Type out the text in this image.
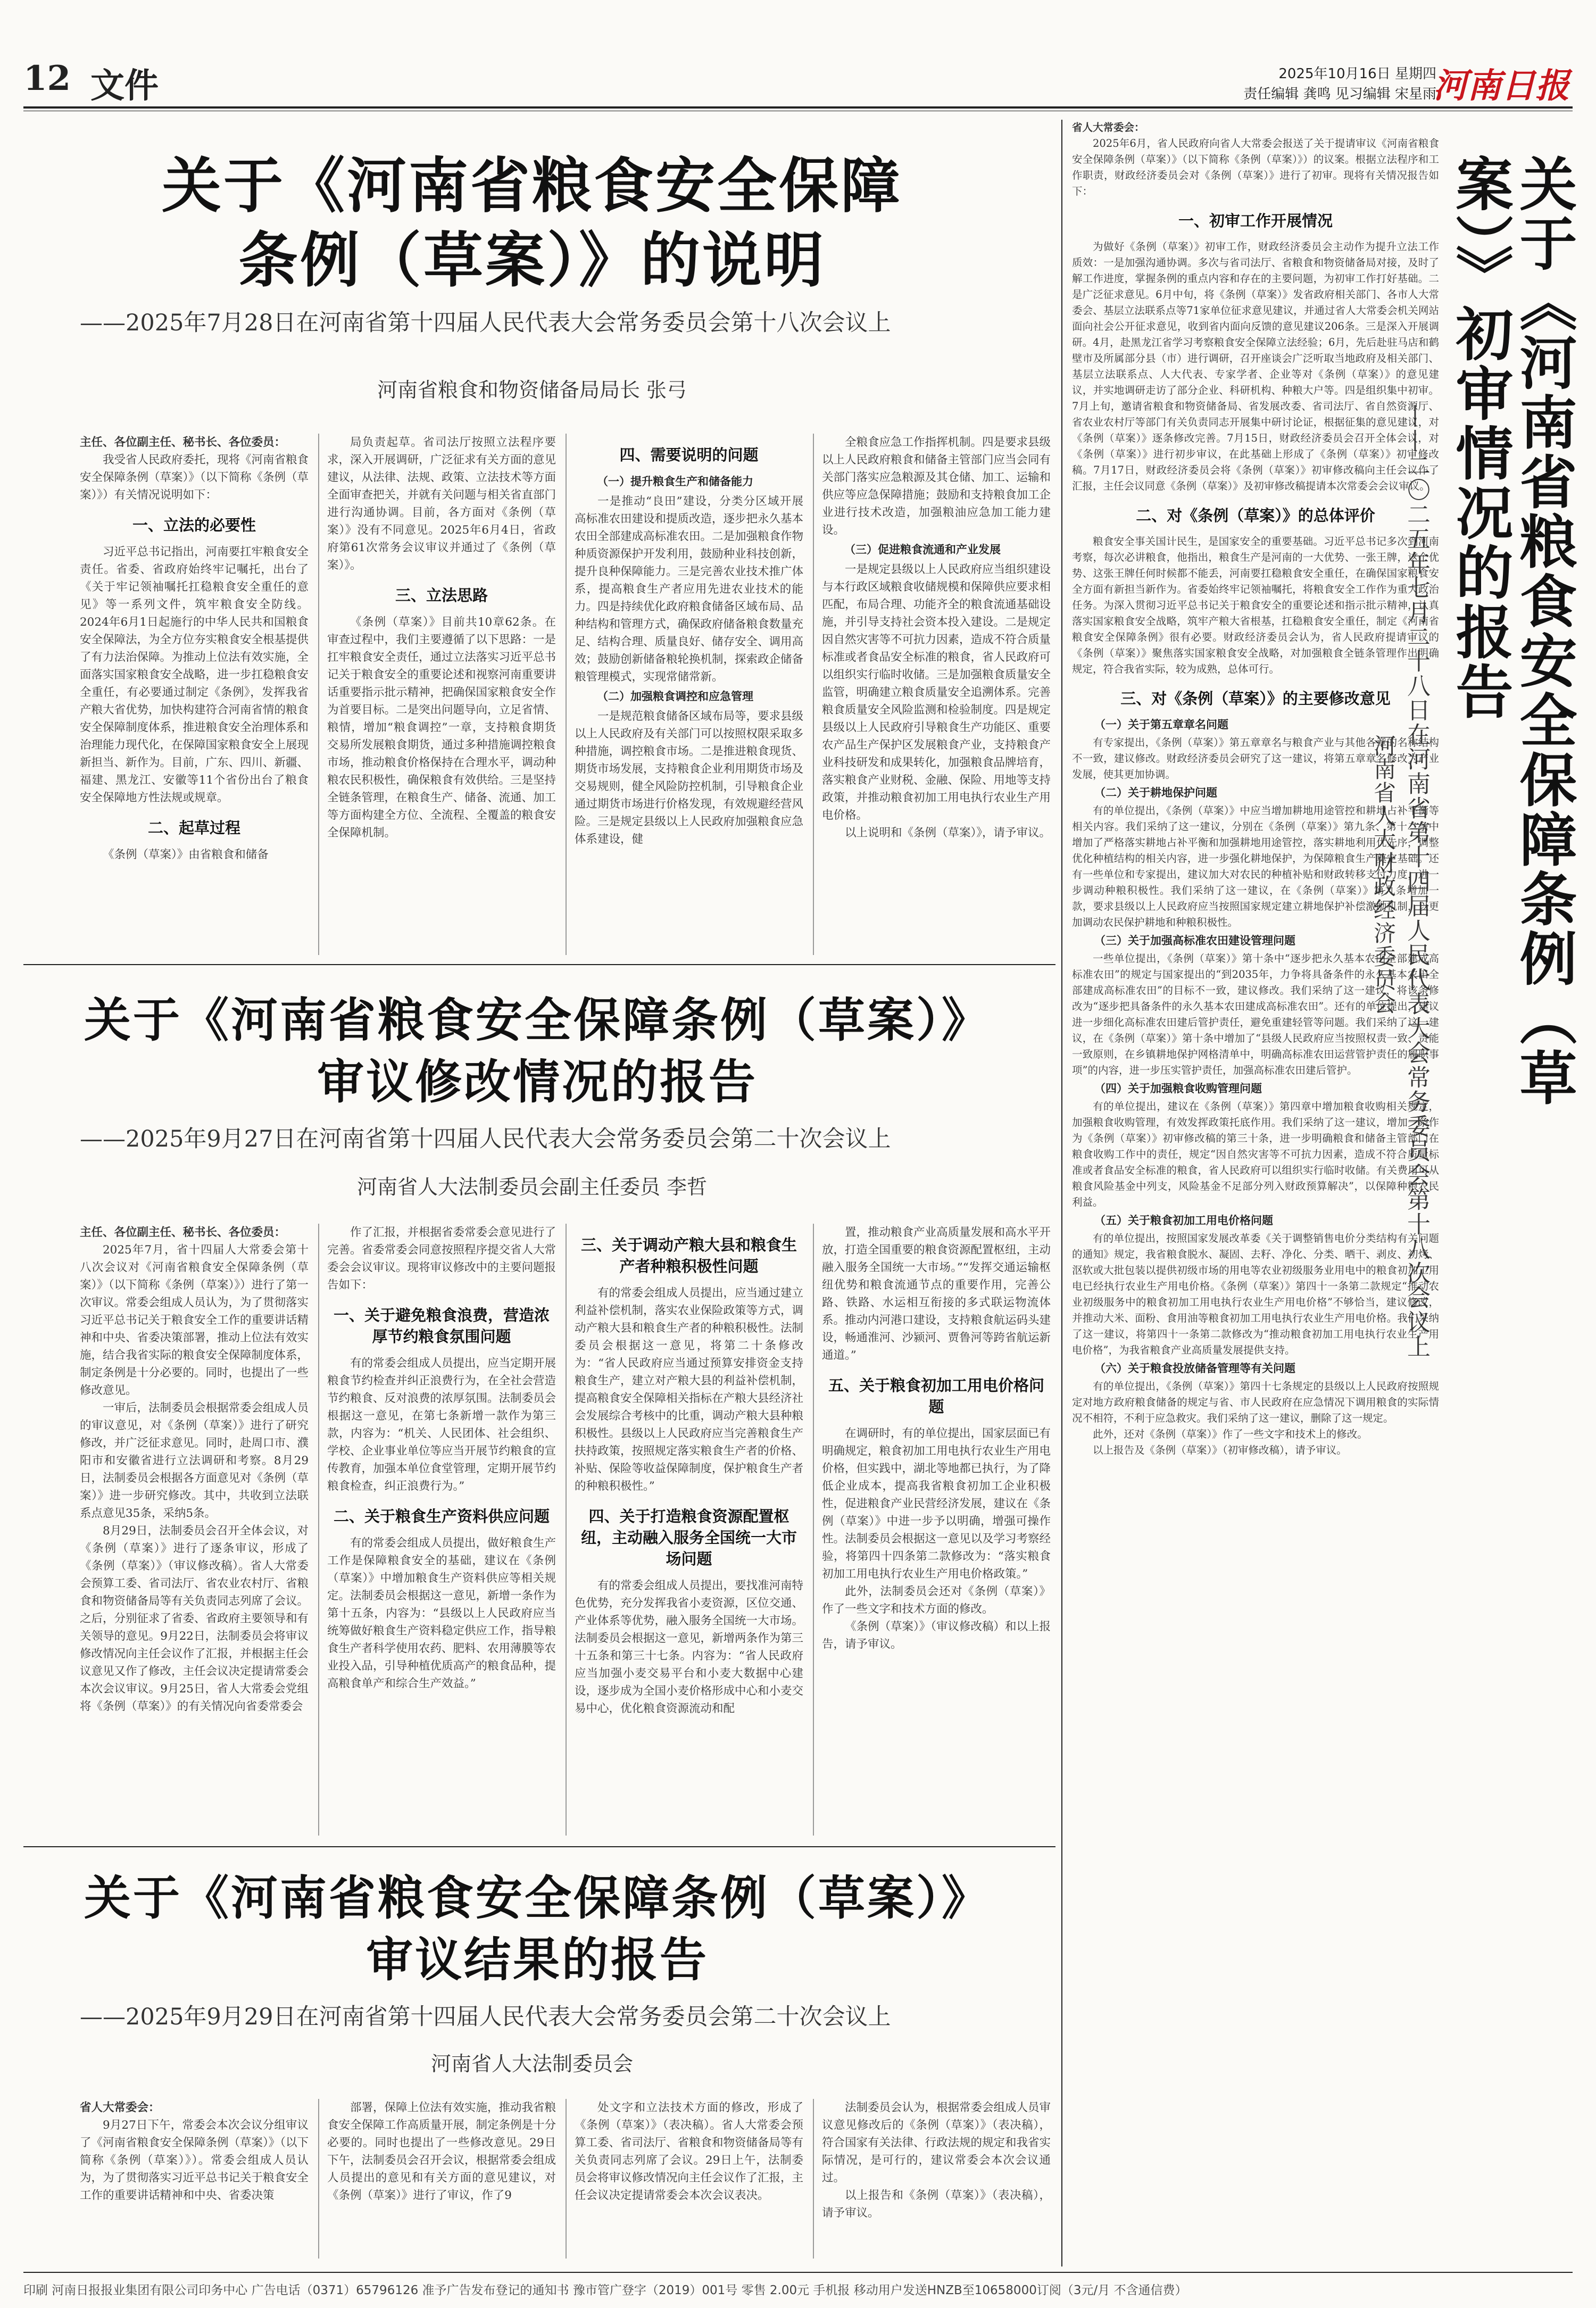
12 文件	2025年10月16日 星期四
责任编辑 龚鸣 见习编辑 宋星雨
河南日报
关于《河南省粮食安全保障
条例（草案）》的说明
——2025年7月28日在河南省第十四届人民代表大会常务委员会第十八次会议上
河南省粮食和物资储备局局长 张弓

主任、各位副主任、秘书长、各位委员：

我受省人民政府委托，现将《河南省粮食安全保障条例（草案）》（以下简称《条例（草案）》）有关情况说明如下：

一、立法的必要性

习近平总书记指出，河南要扛牢粮食安全责任。省委、省政府始终牢记嘱托，出台了《关于牢记领袖嘱托扛稳粮食安全重任的意见》等一系列文件，筑牢粮食安全防线。2024年6月1日起施行的中华人民共和国粮食安全保障法，为全方位夯实粮食安全根基提供了有力法治保障。为推动上位法有效实施，全面落实国家粮食安全战略，进一步扛稳粮食安全重任，有必要通过制定《条例》，发挥我省产粮大省优势，加快构建符合河南省情的粮食安全保障制度体系，推进粮食安全治理体系和治理能力现代化，在保障国家粮食安全上展现新担当、新作为。目前，广东、四川、新疆、福建、黑龙江、安徽等11个省份出台了粮食安全保障地方性法规或规章。

二、起草过程

《条例（草案）》由省粮食和储备

局负责起草。省司法厅按照立法程序要求，深入开展调研，广泛征求有关方面的意见建议，从法律、法规、政策、立法技术等方面全面审查把关，并就有关问题与相关省直部门进行沟通协调。目前，各方面对《条例（草案）》没有不同意见。2025年6月4日，省政府第61次常务会议审议并通过了《条例（草案）》。

三、立法思路

《条例（草案）》目前共10章62条。在审查过程中，我们主要遵循了以下思路：一是扛牢粮食安全责任，通过立法落实习近平总书记关于粮食安全的重要论述和视察河南重要讲话重要指示批示精神，把确保国家粮食安全作为首要目标。二是突出问题导向，立足省情、粮情，增加“粮食调控”一章，支持粮食期货交易所发展粮食期货，通过多种措施调控粮食市场，推动粮食价格保持在合理水平，调动种粮农民积极性，确保粮食有效供给。三是坚持全链条管理，在粮食生产、储备、流通、加工等方面构建全方位、全流程、全覆盖的粮食安全保障机制。

四、需要说明的问题
（一）提升粮食生产和储备能力

一是推动“良田”建设，分类分区域开展高标准农田建设和提质改造，逐步把永久基本农田全部建成高标准农田。二是加强粮食作物种质资源保护开发利用，鼓励种业科技创新，提升良种保障能力。三是完善农业技术推广体系，提高粮食生产者应用先进农业技术的能力。四是持续优化政府粮食储备区域布局、品种结构和管理方式，确保政府储备粮食数量充足、结构合理、质量良好、储存安全、调用高效；鼓励创新储备粮轮换机制，探索政企储备粮管理模式，实现常储常新。

（二）加强粮食调控和应急管理

一是规范粮食储备区域布局等，要求县级以上人民政府及有关部门可以按照权限采取多种措施，调控粮食市场。二是推进粮食现货、期货市场发展，支持粮食企业利用期货市场及交易规则，健全风险防控机制，引导粮食企业通过期货市场进行价格发现，有效规避经营风险。三是规定县级以上人民政府加强粮食应急体系建设，健

全粮食应急工作指挥机制。四是要求县级以上人民政府粮食和储备主管部门应当会同有关部门落实应急粮源及其仓储、加工、运输和供应等应急保障措施；鼓励和支持粮食加工企业进行技术改造，加强粮油应急加工能力建设。

（三）促进粮食流通和产业发展

一是规定县级以上人民政府应当组织建设与本行政区域粮食收储规模和保障供应要求相匹配，布局合理、功能齐全的粮食流通基础设施，并引导支持社会资本投入建设。二是规定因自然灾害等不可抗力因素，造成不符合质量标准或者食品安全标准的粮食，省人民政府可以组织实行临时收储。三是加强粮食质量安全监管，明确建立粮食质量安全追溯体系。完善粮食质量安全风险监测和检验制度。四是规定县级以上人民政府引导粮食生产功能区、重要农产品生产保护区发展粮食产业，支持粮食产业科技研发和成果转化，加强粮食品牌培育，落实粮食产业财税、金融、保险、用地等支持政策，并推动粮食初加工用电执行农业生产用电价格。

以上说明和《条例（草案）》，请予审议。

关于《河南省粮食安全保障条例（草案）》
审议修改情况的报告
——2025年9月27日在河南省第十四届人民代表大会常务委员会第二十次会议上
河南省人大法制委员会副主任委员 李哲

主任、各位副主任、秘书长、各位委员：

2025年7月，省十四届人大常委会第十八次会议对《河南省粮食安全保障条例（草案）》（以下简称《条例（草案）》）进行了第一次审议。常委会组成人员认为，为了贯彻落实习近平总书记关于粮食安全工作的重要讲话精神和中央、省委决策部署，推动上位法有效实施，结合我省实际的粮食安全保障制度体系，制定条例是十分必要的。同时，也提出了一些修改意见。

一审后，法制委员会根据常委会组成人员的审议意见，对《条例（草案）》进行了研究修改，并广泛征求意见。同时，赴周口市、濮阳市和安徽省进行立法调研和考察。8月29日，法制委员会根据各方面意见对《条例（草案）》进一步研究修改。其中，共收到立法联系点意见35条，采纳5条。

8月29日，法制委员会召开全体会议，对《条例（草案）》进行了逐条审议，形成了《条例（草案）》（审议修改稿）。省人大常委会预算工委、省司法厅、省农业农村厅、省粮食和物资储备局等有关负责同志列席了会议。之后，分别征求了省委、省政府主要领导和有关领导的意见。9月22日，法制委员会将审议修改情况向主任会议作了汇报，并根据主任会议意见又作了修改，主任会议决定提请常委会本次会议审议。9月25日，省人大常委会党组将《条例（草案）》的有关情况向省委常委会

作了汇报，并根据省委常委会意见进行了完善。省委常委会同意按照程序提交省人大常委会会议审议。现将审议修改中的主要问题报告如下：

一、关于避免粮食浪费，营造浓厚节约粮食氛围问题

有的常委会组成人员提出，应当定期开展粮食节约检查并纠正浪费行为，在全社会营造节约粮食、反对浪费的浓厚氛围。法制委员会根据这一意见，在第七条新增一款作为第三款，内容为：“机关、人民团体、社会组织、学校、企业事业单位等应当开展节约粮食的宣传教育，加强本单位食堂管理，定期开展节约粮食检查，纠正浪费行为。”

二、关于粮食生产资料供应问题

有的常委会组成人员提出，做好粮食生产工作是保障粮食安全的基础，建议在《条例（草案）》中增加粮食生产资料供应等相关规定。法制委员会根据这一意见，新增一条作为第十五条，内容为：“县级以上人民政府应当统筹做好粮食生产资料稳定供应工作，指导粮食生产者科学使用农药、肥料、农用薄膜等农业投入品，引导种植优质高产的粮食品种，提高粮食单产和综合生产效益。”

三、关于调动产粮大县和粮食生产者种粮积极性问题

有的常委会组成人员提出，应当通过建立利益补偿机制，落实农业保险政策等方式，调动产粮大县和粮食生产者的种粮积极性。法制委员会根据这一意见，将第二十条修改为：“省人民政府应当通过预算安排资金支持粮食生产，建立对产粮大县的利益补偿机制，提高粮食安全保障相关指标在产粮大县经济社会发展综合考核中的比重，调动产粮大县种粮积极性。县级以上人民政府应当完善粮食生产扶持政策，按照规定落实粮食生产者的价格、补贴、保险等收益保障制度，保护粮食生产者的种粮积极性。”

四、关于打造粮食资源配置枢纽，主动融入服务全国统一大市场问题

有的常委会组成人员提出，要找准河南特色优势，充分发挥我省小麦资源，区位交通、产业体系等优势，融入服务全国统一大市场。法制委员会根据这一意见，新增两条作为第三十五条和第三十七条。内容为：“省人民政府应当加强小麦交易平台和小麦大数据中心建设，逐步成为全国小麦价格形成中心和小麦交易中心，优化粮食资源流动和配

置，推动粮食产业高质量发展和高水平开放，打造全国重要的粮食资源配置枢纽，主动融入服务全国统一大市场。”“发挥交通运输枢纽优势和粮食流通节点的重要作用，完善公路、铁路、水运相互衔接的多式联运物流体系。推动内河港口建设，支持粮食航运码头建设，畅通淮河、沙颍河、贾鲁河等跨省航运新通道。”

五、关于粮食初加工用电价格问题

在调研时，有的单位提出，国家层面已有明确规定，粮食初加工用电执行农业生产用电价格，但实践中，湖北等地都已执行，为了降低企业成本，提高我省粮食初加工企业积极性，促进粮食产业民营经济发展，建议在《条例（草案）》中进一步予以明确，增强可操作性。法制委员会根据这一意见以及学习考察经验，将第四十四条第二款修改为：“落实粮食初加工用电执行农业生产用电价格政策。”

此外，法制委员会还对《条例（草案）》作了一些文字和技术方面的修改。

《条例（草案）》（审议修改稿）和以上报告，请予审议。

关于《河南省粮食安全保障条例（草案）》
审议结果的报告
——2025年9月29日在河南省第十四届人民代表大会常务委员会第二十次会议上
河南省人大法制委员会

省人大常委会：

9月27日下午，常委会本次会议分组审议了《河南省粮食安全保障条例（草案）》（以下简称《条例（草案）》）。常委会组成人员认为，为了贯彻落实习近平总书记关于粮食安全工作的重要讲话精神和中央、省委决策

部署，保障上位法有效实施，推动我省粮食安全保障工作高质量开展，制定条例是十分必要的。同时也提出了一些修改意见。29日下午，法制委员会召开会议，根据常委会组成人员提出的意见和有关方面的意见建议，对《条例（草案）》进行了审议，作了9

处文字和立法技术方面的修改，形成了《条例（草案）》（表决稿）。省人大常委会预算工委、省司法厅、省粮食和物资储备局等有关负责同志列席了会议。29日上午，法制委员会将审议修改情况向主任会议作了汇报，主任会议决定提请常委会本次会议表决。

法制委员会认为，根据常委会组成人员审议意见修改后的《条例（草案）》（表决稿），符合国家有关法律、行政法规的规定和我省实际情况，是可行的，建议常委会本次会议通过。

以上报告和《条例（草案）》（表决稿），请予审议。

省人大常委会：

2025年6月，省人民政府向省人大常委会报送了关于提请审议《河南省粮食安全保障条例（草案）》（以下简称《条例（草案）》）的议案。根据立法程序和工作职责，财政经济委员会对《条例（草案）》进行了初审。现将有关情况报告如下：

一、初审工作开展情况

为做好《条例（草案）》初审工作，财政经济委员会主动作为提升立法工作质效：一是加强沟通协调。多次与省司法厅、省粮食和物资储备局对接，及时了解工作进度，掌握条例的重点内容和存在的主要问题，为初审工作打好基础。二是广泛征求意见。6月中旬，将《条例（草案）》发省政府相关部门、各市人大常委会、基层立法联系点等71家单位征求意见建议，并通过省人大常委会机关网站面向社会公开征求意见，收到省内面向反馈的意见建议206条。三是深入开展调研。4月，赴黑龙江省学习考察粮食安全保障立法经验；6月，先后赴驻马店和鹤壁市及所属部分县（市）进行调研，召开座谈会广泛听取当地政府及相关部门、基层立法联系点、人大代表、专家学者、企业等对《条例（草案）》的意见建议，并实地调研走访了部分企业、科研机构、种粮大户等。四是组织集中初审。7月上旬，邀请省粮食和物资储备局、省发展改委、省司法厅、省自然资源厅、省农业农村厅等部门有关负责同志开展集中研讨论证，根据征集的意见建议，对《条例（草案）》逐条修改完善。7月15日，财政经济委员会召开全体会议，对《条例（草案）》进行初步审议，在此基础上形成了《条例（草案）》初审修改稿。7月17日，财政经济委员会将《条例（草案）》初审修改稿向主任会议作了汇报，主任会议同意《条例（草案）》及初审修改稿提请本次常委会会议审议。

二、对《条例（草案）》的总体评价

粮食安全事关国计民生，是国家安全的重要基础。习近平总书记多次到河南考察，每次必讲粮食，他指出，粮食生产是河南的一大优势、一张王牌，这个优势、这张王牌任何时候都不能丢，河南要扛稳粮食安全重任，在确保国家粮食安全方面有新担当新作为。省委始终牢记领袖嘱托，将粮食安全工作作为重大政治任务。为深入贯彻习近平总书记关于粮食安全的重要论述和指示批示精神，认真落实国家粮食安全战略，筑牢产粮大省根基，扛稳粮食安全重任，制定《河南省粮食安全保障条例》很有必要。财政经济委员会认为，省人民政府提请审议的《条例（草案）》聚焦落实国家粮食安全战略，对加强粮食全链条管理作出明确规定，符合我省实际，较为成熟，总体可行。

三、对《条例（草案）》的主要修改意见
（一）关于第五章章名问题

有专家提出，《条例（草案）》第五章章名与粮食产业与其他各章的名称结构不一致，建议修改。财政经济委员会研究了这一建议，将第五章章名修改为产业发展，使其更加协调。

（二）关于耕地保护问题

有的单位提出，《条例（草案）》中应当增加耕地用途管控和耕地占补平衡等相关内容。我们采纳了这一建议，分别在《条例（草案）》第九条、第十二条中增加了严格落实耕地占补平衡和加强耕地用途管控，落实耕地利用优先序，调整优化种植结构的相关内容，进一步强化耕地保护，为保障粮食生产奠定基础。还有一些单位和专家提出，建议加大对农民的种植补贴和财政转移支付力度，进一步调动种粮积极性。我们采纳了这一建议，在《条例（草案）》第九条增加一款，要求县级以上人民政府应当按照国家规定建立耕地保护补偿激励机制，以更加调动农民保护耕地和种粮积极性。

（三）关于加强高标准农田建设管理问题

一些单位提出，《条例（草案）》第十条中“逐步把永久基本农田全部建成高标准农田”的规定与国家提出的“到2035年，力争将具备条件的永久基本农田全部建成高标准农田”的目标不一致，建议修改。我们采纳了这一建议，将该条修改为“逐步把具备条件的永久基本农田建成高标准农田”。还有的单位提出，建议进一步细化高标准农田建后管护责任，避免重建轻管等问题。我们采纳了这一建议，在《条例（草案）》第十条中增加了“县级人民政府应当按照权责一致、责能一致原则，在乡镇耕地保护网格清单中，明确高标准农田运营管护责任的履职事项”的内容，进一步压实管护责任，加强高标准农田建后管护。

（四）关于加强粮食收购管理问题

有的单位提出，建议在《条例（草案）》第四章中增加粮食收购相关规定，加强粮食收购管理，有效发挥政策托底作用。我们采纳了这一建议，增加一条作为《条例（草案）》初审修改稿的第三十条，进一步明确粮食和储备主管部门在粮食收购工作中的责任，规定“因自然灾害等不可抗力因素，造成不符合质量标准或者食品安全标准的粮食，省人民政府可以组织实行临时收储。有关费用可从粮食风险基金中列支，风险基金不足部分列入财政预算解决”，以保障种粮农民利益。

（五）关于粮食初加工用电价格问题

有的单位提出，按照国家发展改革委《关于调整销售电价分类结构有关问题的通知》规定，我省粮食脱水、凝固、去籽、净化、分类、晒干、剥皮、初烤、沤软或大批包装以提供初级市场的用电等农业初级服务业用电中的粮食初加工用电已经执行农业生产用电价格。《条例（草案）》第四十一条第二款规定“推动农业初级服务中的粮食初加工用电执行农业生产用电价格”不够恰当，建议修改，并推动大米、面粉、食用油等粮食初加工用电执行农业生产用电价格。我们采纳了这一建议，将第四十一条第二款修改为“推动粮食初加工用电执行农业生产用电价格”，为我省粮食产业高质量发展提供支持。

（六）关于粮食投放储备管理等有关问题

有的单位提出，《条例（草案）》第四十七条规定的县级以上人民政府按照规定对地方政府粮食储备的规定与省、市人民政府在应急情况下调用粮食的实际情况不相符，不利于应急救灾。我们采纳了这一建议，删除了这一规定。

此外，还对《条例（草案）》作了一些文字和技术上的修改。

以上报告及《条例（草案）》（初审修改稿），请予审议。

关于《河南省粮食安全保障条例（草案）》初审情况的报告
——二〇二五年七月二十八日在河南省第十四届人民代表大会常务委员会第十八次会议上
河南省人大财政经济委员会
印刷 河南日报报业集团有限公司印务中心 广告电话（0371）65796126 准予广告发布登记的通知书 豫市管广登字（2019）001号 零售 2.00元 手机报 移动用户发送HNZB至10658000订阅（3元/月 不含通信费）
